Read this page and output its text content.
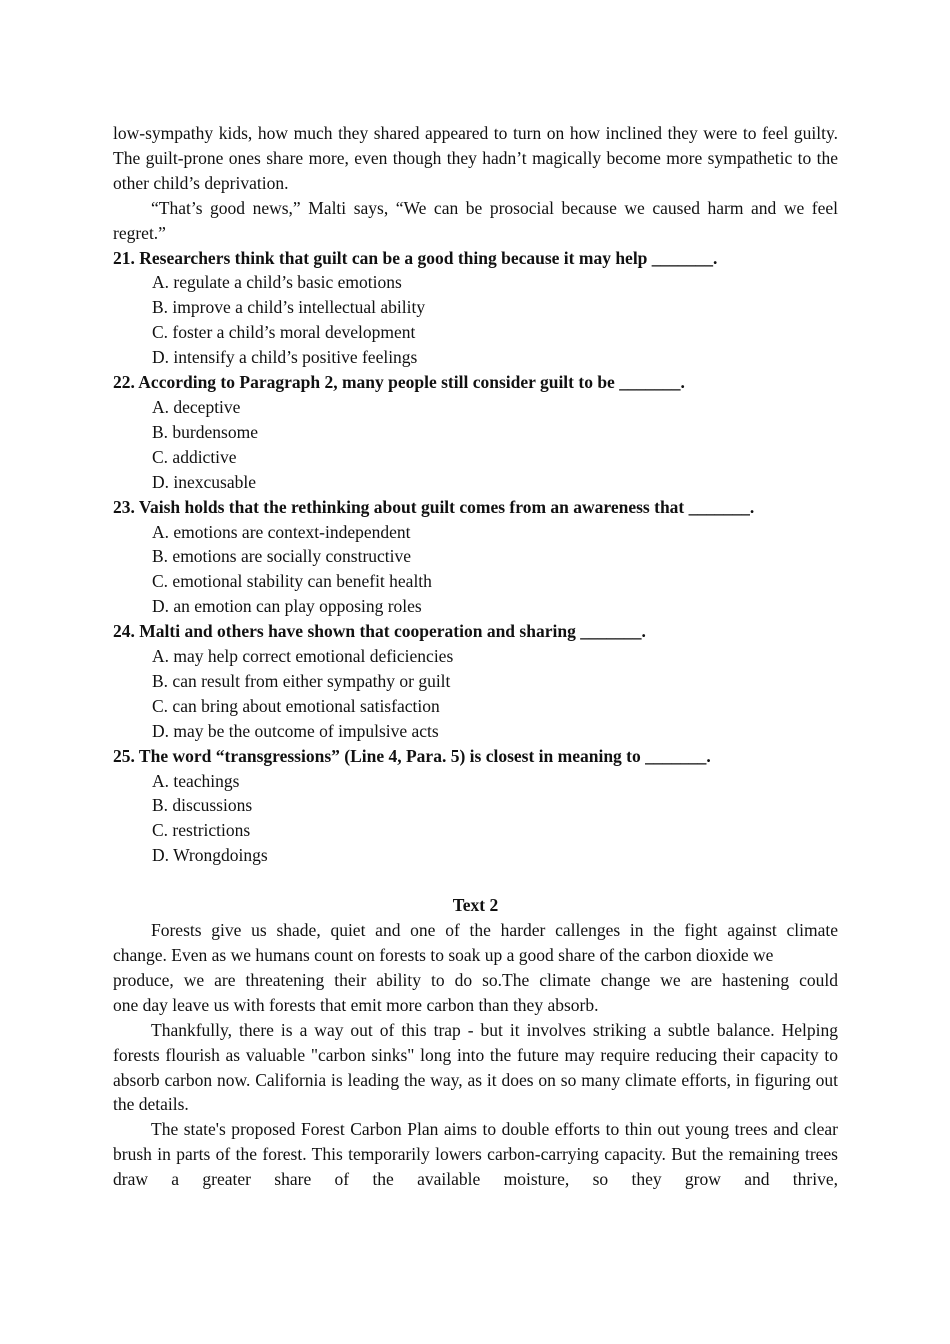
low-sympathy kids, how much they shared appeared to turn on how inclined they were to feel guilty. The guilt-prone ones share more, even though they hadn’t magically become more sympathetic to the other child’s deprivation.

“That’s good news,” Malti says, “We can be prosocial because we caused harm and we feel regret.”

21. Researchers think that guilt can be a good thing because it may help _______.

A. regulate a child’s basic emotions

B. improve a child’s intellectual ability

C. foster a child’s moral development

D. intensify a child’s positive feelings

22. According to Paragraph 2, many people still consider guilt to be _______.

A. deceptive

B. burdensome

C. addictive

D. inexcusable

23. Vaish holds that the rethinking about guilt comes from an awareness that _______.

A. emotions are context-independent

B. emotions are socially constructive

C. emotional stability can benefit health

D. an emotion can play opposing roles

24. Malti and others have shown that cooperation and sharing _______.

A. may help correct emotional deficiencies

B. can result from either sympathy or guilt

C. can bring about emotional satisfaction

D. may be the outcome of impulsive acts

25. The word “transgressions” (Line 4, Para. 5) is closest in meaning to _______.

A. teachings

B. discussions

C. restrictions

D. Wrongdoings

Text 2

Forests give us shade, quiet and one of the harder callenges in the fight against climate

change. Even as we humans count on forests to soak up a good share of the carbon dioxide we

produce, we are threatening their ability to do so.The climate change we are hastening could

one day leave us with forests that emit more carbon than they absorb.

Thankfully, there is a way out of this trap - but it involves striking a subtle balance. Helping forests flourish as valuable "carbon sinks" long into the future may require reducing their capacity to absorb carbon now. California is leading the way, as it does on so many climate efforts, in figuring out the details.

The state's proposed Forest Carbon Plan aims to double efforts to thin out young trees and clear brush in parts of the forest. This temporarily lowers carbon-carrying capacity. But the remaining trees draw a greater share of the available moisture, so they grow and thrive,
